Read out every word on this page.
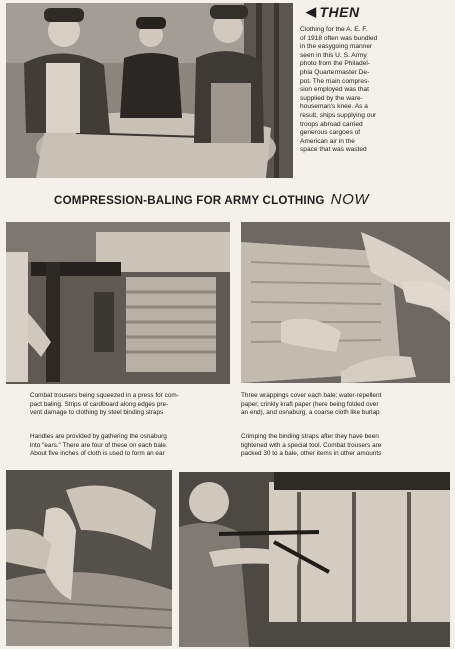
◀ THEN
Clothing for the A. E. F.
of 1918 often was bundled
in the easygoing manner
seen in this U. S. Army
photo from the Philadel-
phia Quartermaster De-
pot. The main compres-
sion employed was that
supplied by the ware-
houseman's knee. As a
result, ships supplying our
troops abroad carried
generous cargoes of
American air in the
space that was wasted
COMPRESSION-BALING FOR ARMY CLOTHING NOW
Combat trousers being squeezed in a press for com-
pact baling. Strips of cardboard along edges pre-
vent damage to clothing by steel binding straps
Three wrappings cover each bale: water-repellent
paper, crinkly kraft paper (here being folded over
an end), and osnaburg, a coarse cloth like burlap
Handles are provided by gathering the osnaburg
into "ears." There are four of these on each bale.
About five inches of cloth is used to form an ear
Crimping the binding straps after they have been
tightened with a special tool. Combat trousers are
packed 30 to a bale, other items in other amounts
